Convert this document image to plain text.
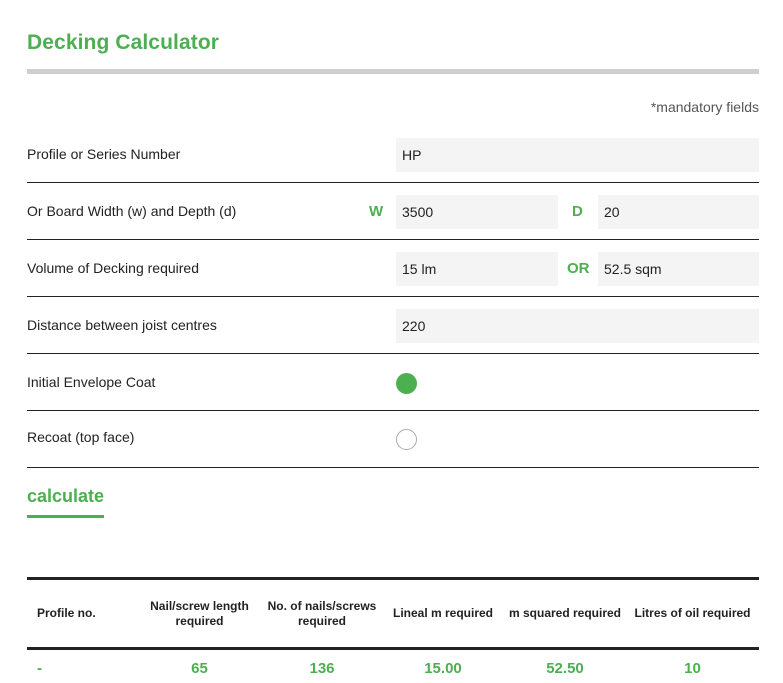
Decking Calculator
*mandatory fields
Profile or Series Number	HP
Or Board Width (w) and Depth (d)	W	3500	D	20
Volume of Decking required	15 lm	OR	52.5 sqm
Distance between joist centres	220
Initial Envelope Coat
Recoat (top face)
calculate
Profile no.	Nail/screw length required	No. of nails/screws required	Lineal m required	m squared required	Litres of oil required
-	65	136	15.00	52.50	10
